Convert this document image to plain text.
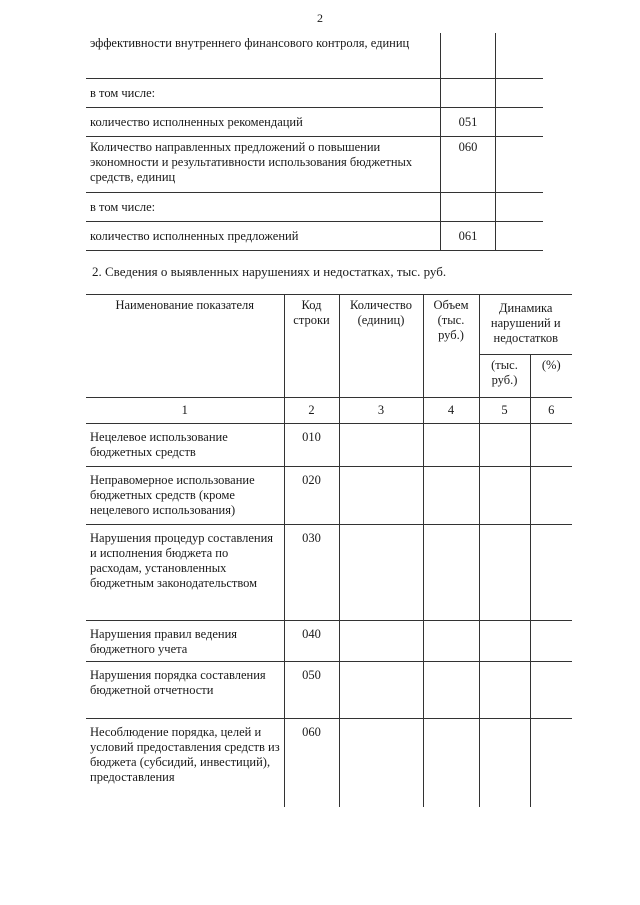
2
эффективности внутреннего финансового контроля, единиц		
в том числе:		
количество исполненных рекомендаций	051	
Количество направленных предложений о повышении экономности и результативности использования бюджетных средств, единиц	060	
в том числе:		
количество исполненных предложений	061	
2. Сведения о выявленных нарушениях и недостатках, тыс. руб.
Наименование показателя	Код строки	Количество (единиц)	Объем (тыс. руб.)	Динамика нарушений и недостатков	
				(тыс. руб.)	(%)
1	2	3	4	5	6
Нецелевое использование бюджетных средств	010				
Неправомерное использование бюджетных средств (кроме нецелевого использования)	020				
Нарушения процедур составления и исполнения бюджета по расходам, установленных бюджетным законодательством	030				
Нарушения правил ведения бюджетного учета	040				
Нарушения порядка составления бюджетной отчетности	050				
Несоблюдение порядка, целей и условий предоставления средств из бюджета (субсидий, инвестиций), предоставления	060				
